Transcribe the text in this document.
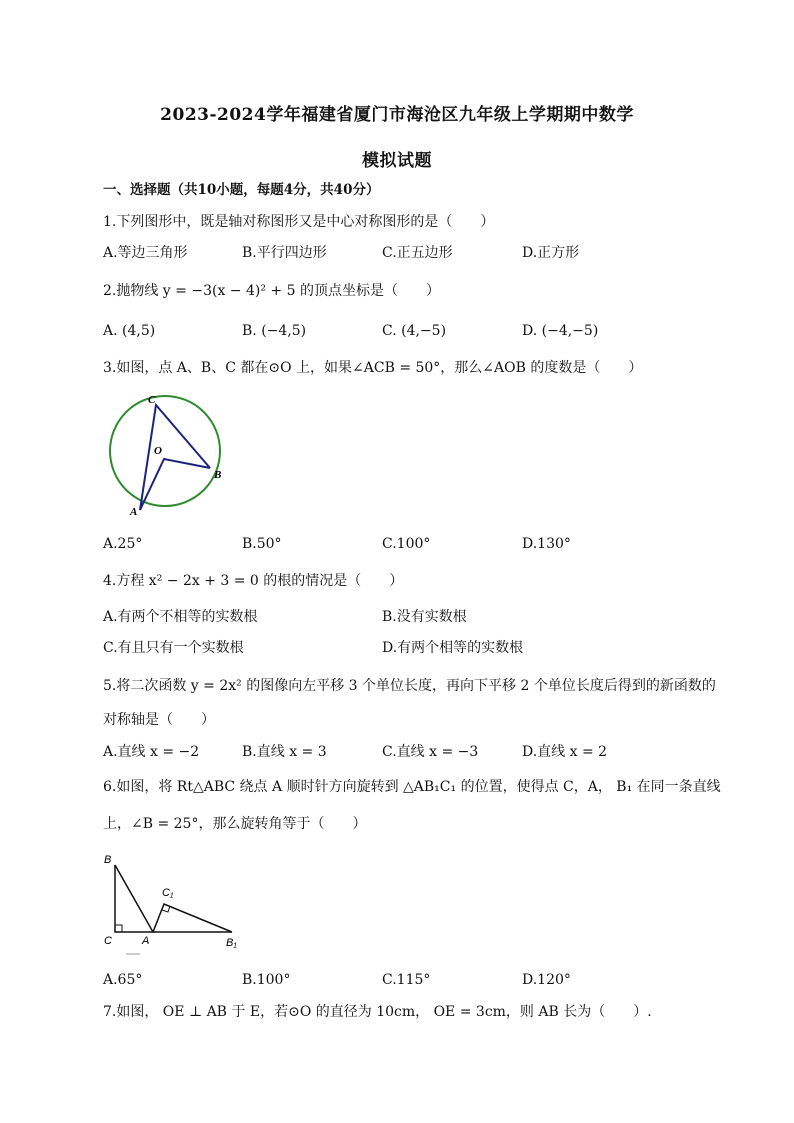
2023-2024学年福建省厦门市海沧区九年级上学期期中数学
模拟试题
一、选择题（共10小题，每题4分，共40分）
1.下列图形中，既是轴对称图形又是中心对称图形的是（　　）
A.等边三角形	B.平行四边形	C.正五边形	D.正方形
2.抛物线 y = −3(x − 4)² + 5 的顶点坐标是（　　）
A. (4,5)	B. (−4,5)	C. (4,−5)	D. (−4,−5)
3.如图，点 A、B、C 都在⊙O 上，如果∠ACB = 50°，那么∠AOB 的度数是（　　）
C
O
B
A
A.25°	B.50°	C.100°	D.130°
4.方程 x² − 2x + 3 = 0 的根的情况是（　　）
A.有两个不相等的实数根	B.没有实数根
C.有且只有一个实数根	D.有两个相等的实数根
5.将二次函数 y = 2x² 的图像向左平移 3 个单位长度，再向下平移 2 个单位长度后得到的新函数的
对称轴是（　　）
A.直线 x = −2	B.直线 x = 3	C.直线 x = −3	D.直线 x = 2
6.如图，将 Rt△ABC 绕点 A 顺时针方向旋转到 △AB₁C₁ 的位置，使得点 C，A， B₁ 在同一条直线
上，∠B = 25°，那么旋转角等于（　　）
B
C₁
C	A	B₁
A.65°	B.100°	C.115°	D.120°
7.如图， OE ⊥ AB 于 E，若⊙O 的直径为 10cm， OE = 3cm，则 AB 长为（　　）.
